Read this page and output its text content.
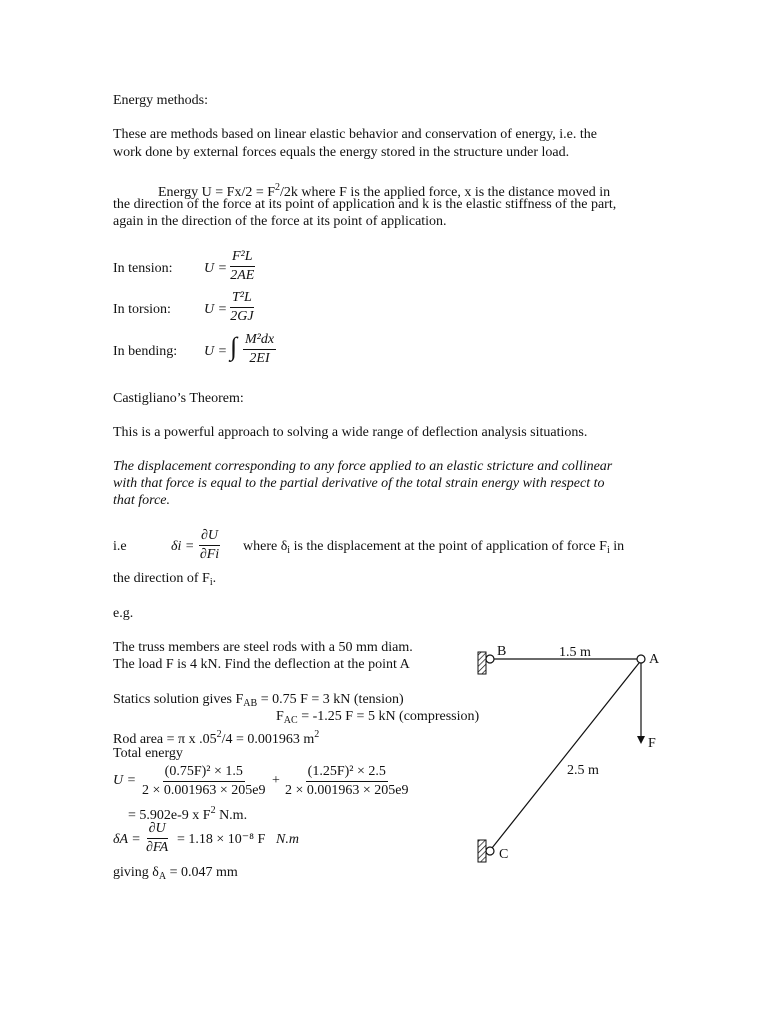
Energy methods:
These are methods based on linear elastic behavior and conservation of energy, i.e. the
work done by external forces equals the energy stored in the structure under load.
Energy $U = Fx/2 = F^2/2k$ where F is the applied force, x is the distance moved in
the direction of the force at its point of application and k is the elastic stiffness of the part,
again in the direction of the force at its point of application.
In tension: $U = \frac{\text{F²L}}{2AE}$
In torsion: $U = \frac{\text{T²L}}{2GJ}$
In bending: U = ∫ $\frac{\text{M²dx}}{2EI}$
Castigliano’s Theorem:
This is a powerful approach to solving a wide range of deflection analysis situations.
The displacement corresponding to any force applied to an elastic stricture and collinear
with that force is equal to the partial derivative of the total strain energy with respect to
that force.
i.e	$\delta i = \frac{\partial U}{\partial Fi}$ where $\delta_i$ is the displacement at the point of application of force $F_i$ in
the direction of $F_i$.
e.g.
The truss members are steel rods with a 50 mm diam.
The load F is 4 kN. Find the deflection at the point A
Statics solution gives $F_{AB} = 0.75$ F = 3 kN (tension)
$F_{AC} = -1.25$ F = 5 kN (compression)
Rod area = π x $.05^2/4 = 0.001963$ $m^2$
Total energy
$U = \frac{\text{(0.75F)² × 1.5}}{2 \times 0.001963 \times 205e9} + \frac{\text{(1.25F)² × 2.5}}{2 \times 0.001963 \times 205e9}$
= 5.902e-9 x $F^2$ N.m.
$\delta A = \frac{\partial U}{\partial FA} = 1.18 \times 10^{-8}$ F N.m
giving $\delta_A = 0.047$ mm
B
A
C
F
1.5 m
2.5 m
